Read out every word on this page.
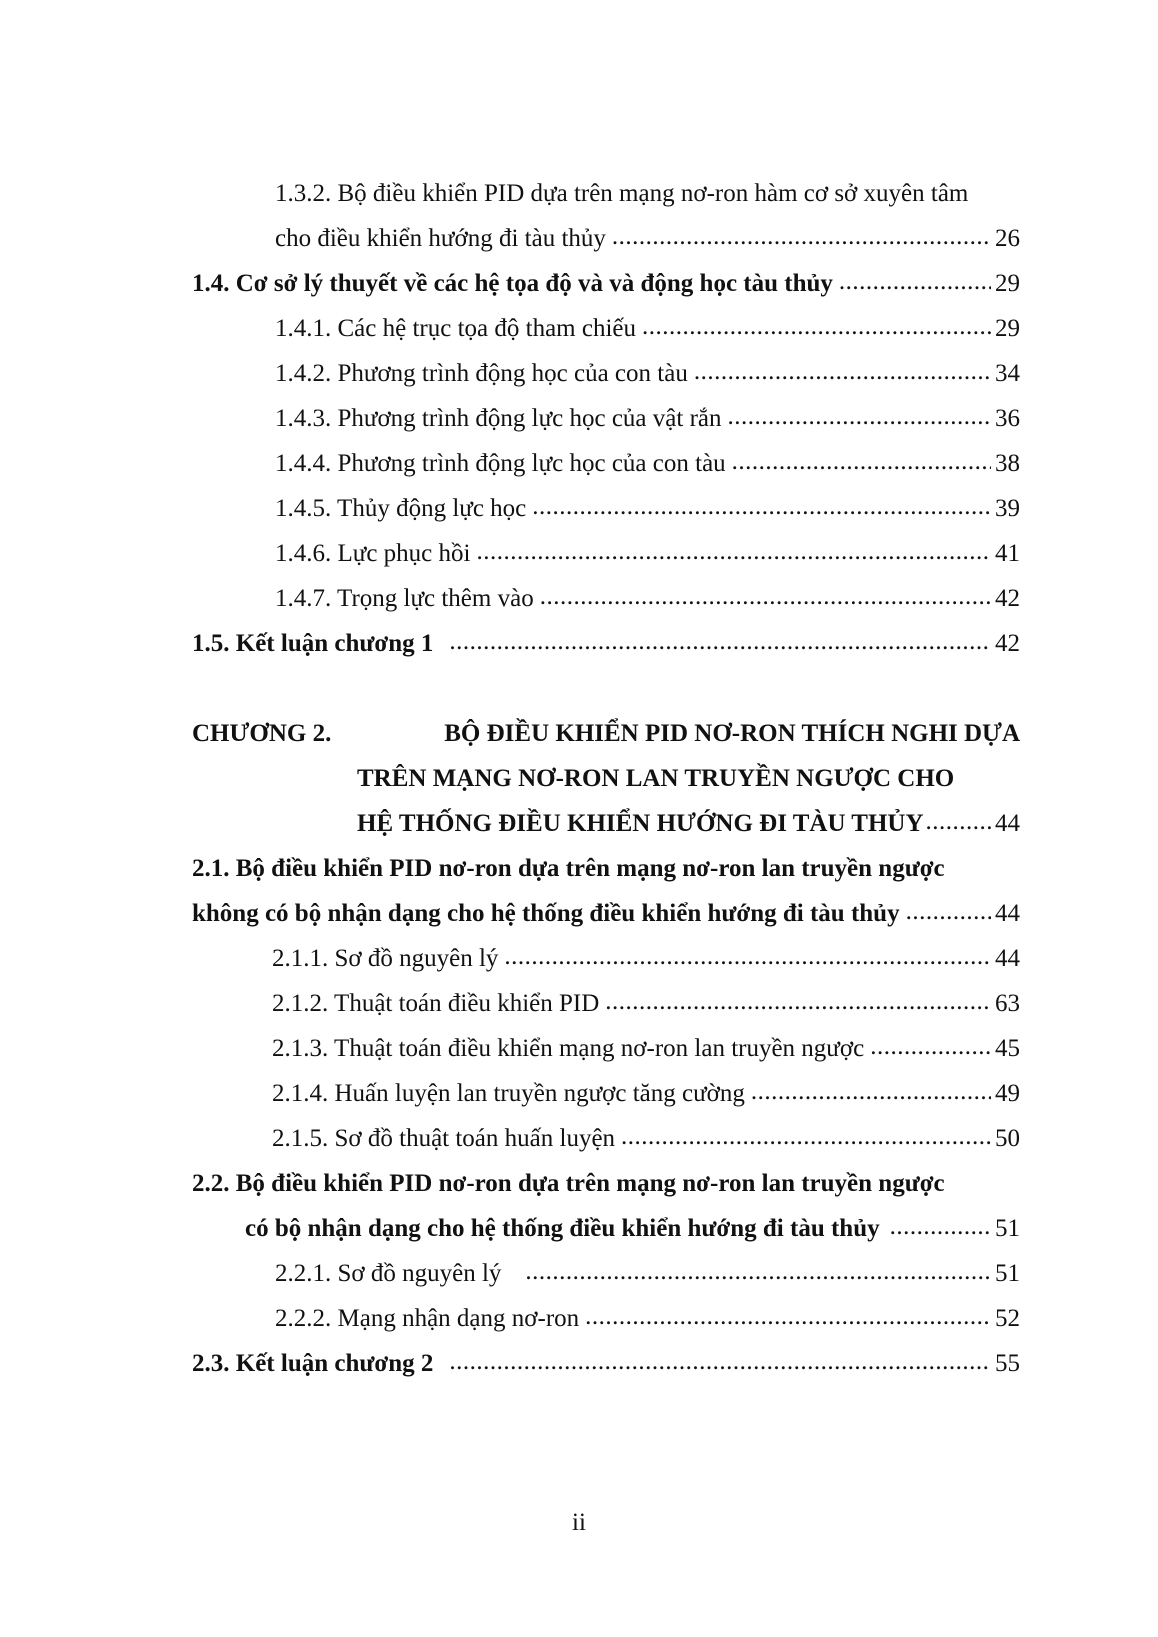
1.3.2. Bộ điều khiển PID dựa trên mạng nơ-ron hàm cơ sở xuyên tâm
cho điều khiển hướng đi tàu thủy .....	26
1.4. Cơ sở lý thuyết về các hệ tọa độ và và động học tàu thủy .....	29
1.4.1. Các hệ trục tọa độ tham chiếu .....	29
1.4.2. Phương trình động học của con tàu .....	34
1.4.3. Phương trình động lực học của vật rắn .....	36
1.4.4. Phương trình động lực học của con tàu .....	38
1.4.5. Thủy động lực học .....	39
1.4.6. Lực phục hồi .....	41
1.4.7. Trọng lực thêm vào .....	42
1.5. Kết luận chương 1 .....	42
CHƯƠNG 2.	BỘ ĐIỀU KHIỂN PID NƠ-RON THÍCH NGHI DỰA
TRÊN MẠNG NƠ-RON LAN TRUYỀN NGƯỢC CHO
HỆ THỐNG ĐIỀU KHIỂN HƯỚNG ĐI TÀU THỦY .....	44
2.1. Bộ điều khiển PID nơ-ron dựa trên mạng nơ-ron lan truyền ngược
không có bộ nhận dạng cho hệ thống điều khiển hướng đi tàu thủy .....	44
2.1.1. Sơ đồ nguyên lý .....	44
2.1.2. Thuật toán điều khiển PID .....	63
2.1.3. Thuật toán điều khiển mạng nơ-ron lan truyền ngược .....	45
2.1.4. Huấn luyện lan truyền ngược tăng cường .....	49
2.1.5. Sơ đồ thuật toán huấn luyện .....	50
2.2. Bộ điều khiển PID nơ-ron dựa trên mạng nơ-ron lan truyền ngược
có bộ nhận dạng cho hệ thống điều khiển hướng đi tàu thủy .....	51
2.2.1. Sơ đồ nguyên lý .....	51
2.2.2. Mạng nhận dạng nơ-ron .....	52
2.3. Kết luận chương 2 .....	55
ii
